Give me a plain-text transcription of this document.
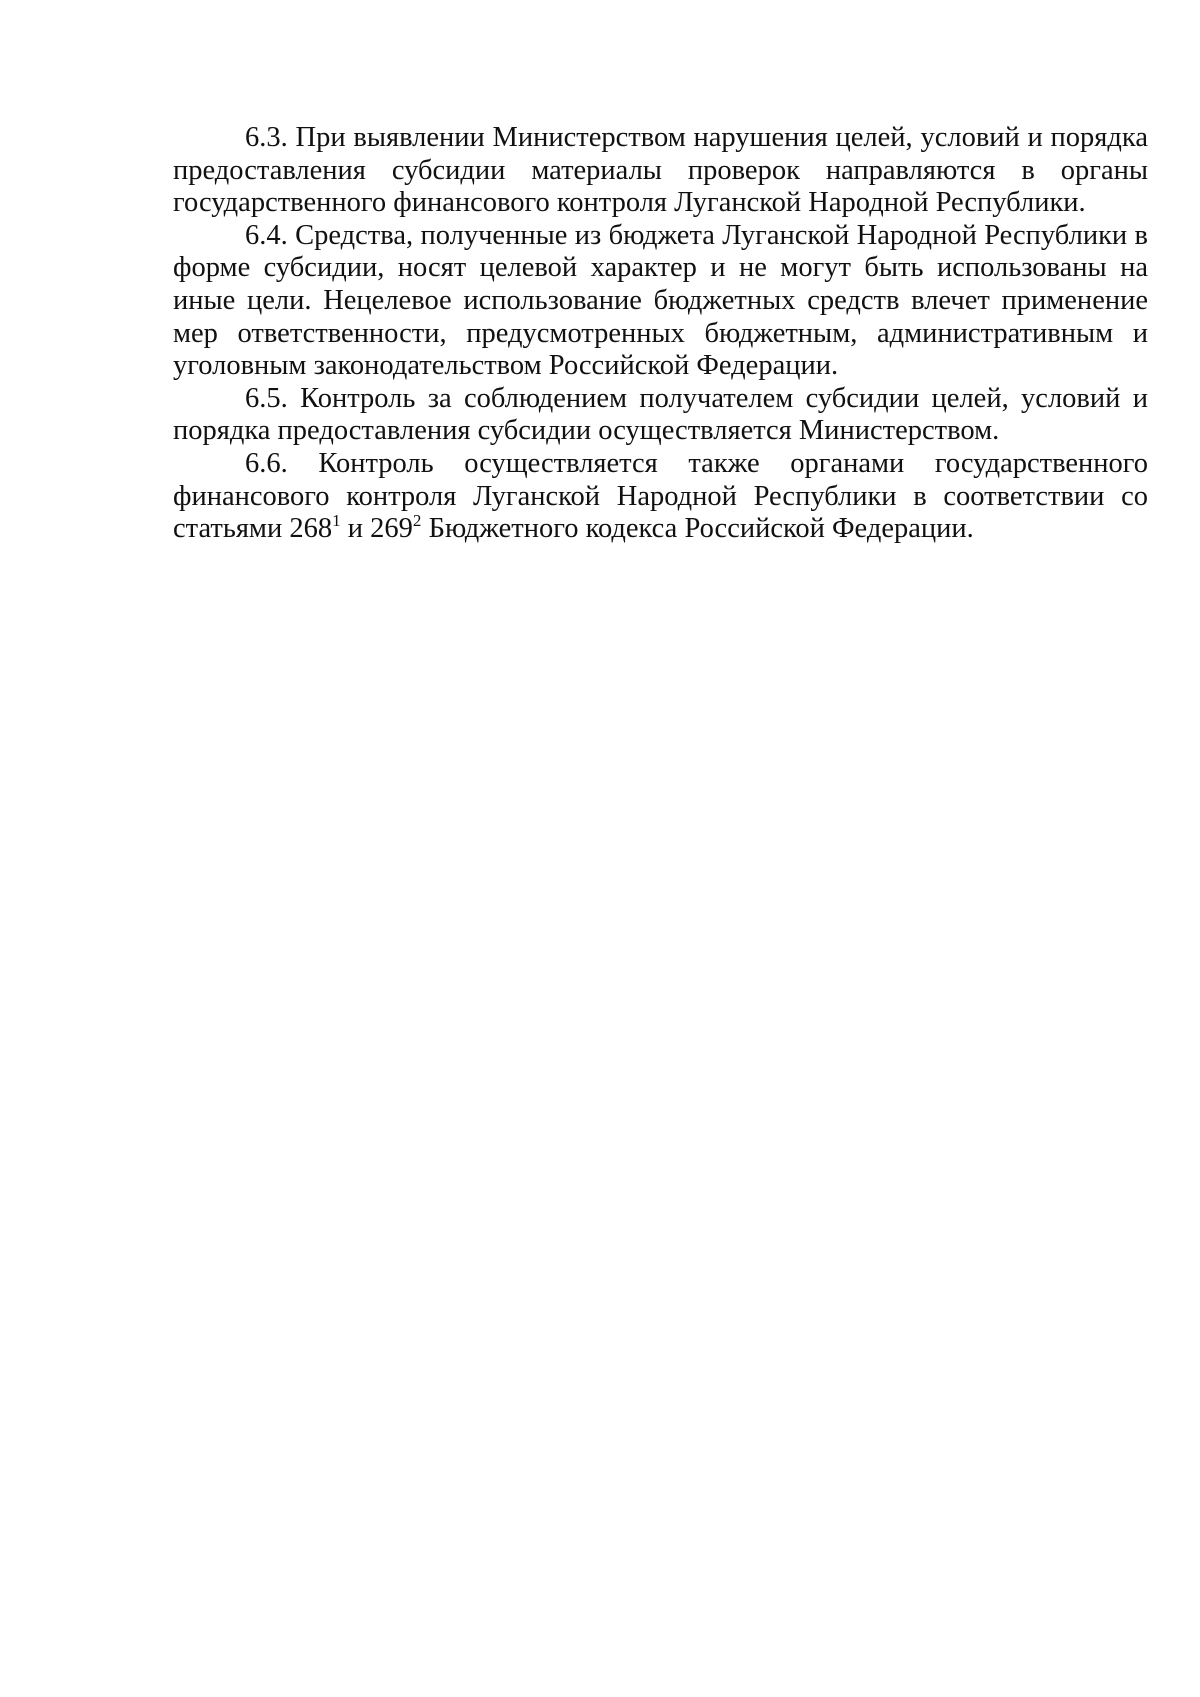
6.3. При выявлении Министерством нарушения целей, условий и порядка предоставления субсидии материалы проверок направляются в органы государственного финансового контроля Луганской Народной Республики.

6.4. Средства, полученные из бюджета Луганской Народной Республики в форме субсидии, носят целевой характер и не могут быть использованы на иные цели. Нецелевое использование бюджетных средств влечет применение мер ответственности, предусмотренных бюджетным, административным и уголовным законодательством Российской Федерации.

6.5. Контроль за соблюдением получателем субсидии целей, условий и порядка предоставления субсидии осуществляется Министерством.

6.6. Контроль осуществляется также органами государственного финансового контроля Луганской Народной Республики в соответствии со статьями $268^1$ и $269^2$ Бюджетного кодекса Российской Федерации.
